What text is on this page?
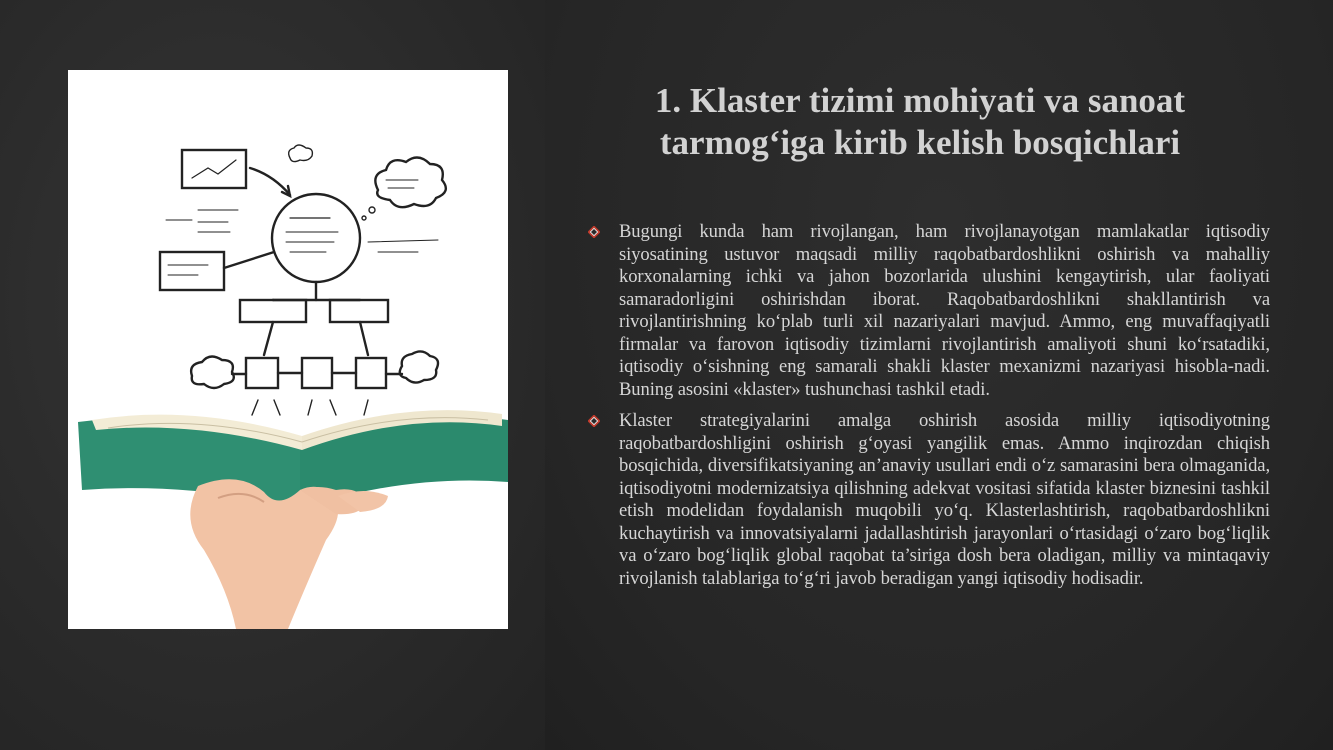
1. Klaster tizimi mohiyati va sanoat tarmog‘iga kirib kelish bosqichlari
Bugungi kunda ham rivojlangan, ham rivojlanayotgan mamlakatlar iqtisodiy siyosatining ustuvor maqsadi milliy raqobatbardoshlikni oshirish va mahalliy korxonalarning ichki va jahon bozorlarida ulushini kengaytirish, ular faoliyati samaradorligini oshirishdan iborat. Raqobatbardoshlikni shakllantirish va rivojlantirishning ko‘plab turli xil nazariyalari mavjud. Ammo, eng muvaffaqiyatli firmalar va farovon iqtisodiy tizimlarni rivojlantirish amaliyoti shuni ko‘rsatadiki, iqtisodiy o‘sishning eng samarali shakli klaster mexanizmi nazariyasi hisobla-nadi. Buning asosini «klaster» tushunchasi tashkil etadi.
Klaster strategiyalarini amalga oshirish asosida milliy iqtisodiyotning raqobatbardoshligini oshirish g‘oyasi yangilik emas. Ammo inqirozdan chiqish bosqichida, diversifikatsiyaning an’anaviy usullari endi o‘z samarasini bera olmaganida, iqtisodiyotni modernizatsiya qilishning adekvat vositasi sifatida klaster biznesini tashkil etish modelidan foydalanish muqobili yo‘q. Klasterlashtirish, raqobatbardoshlikni kuchaytirish va innovatsiyalarni jadallashtirish jarayonlari o‘rtasidagi o‘zaro bog‘liqlik va o‘zaro bog‘liqlik global raqobat ta’siriga dosh bera oladigan, milliy va mintaqaviy rivojlanish talablariga to‘g‘ri javob beradigan yangi iqtisodiy hodisadir.
